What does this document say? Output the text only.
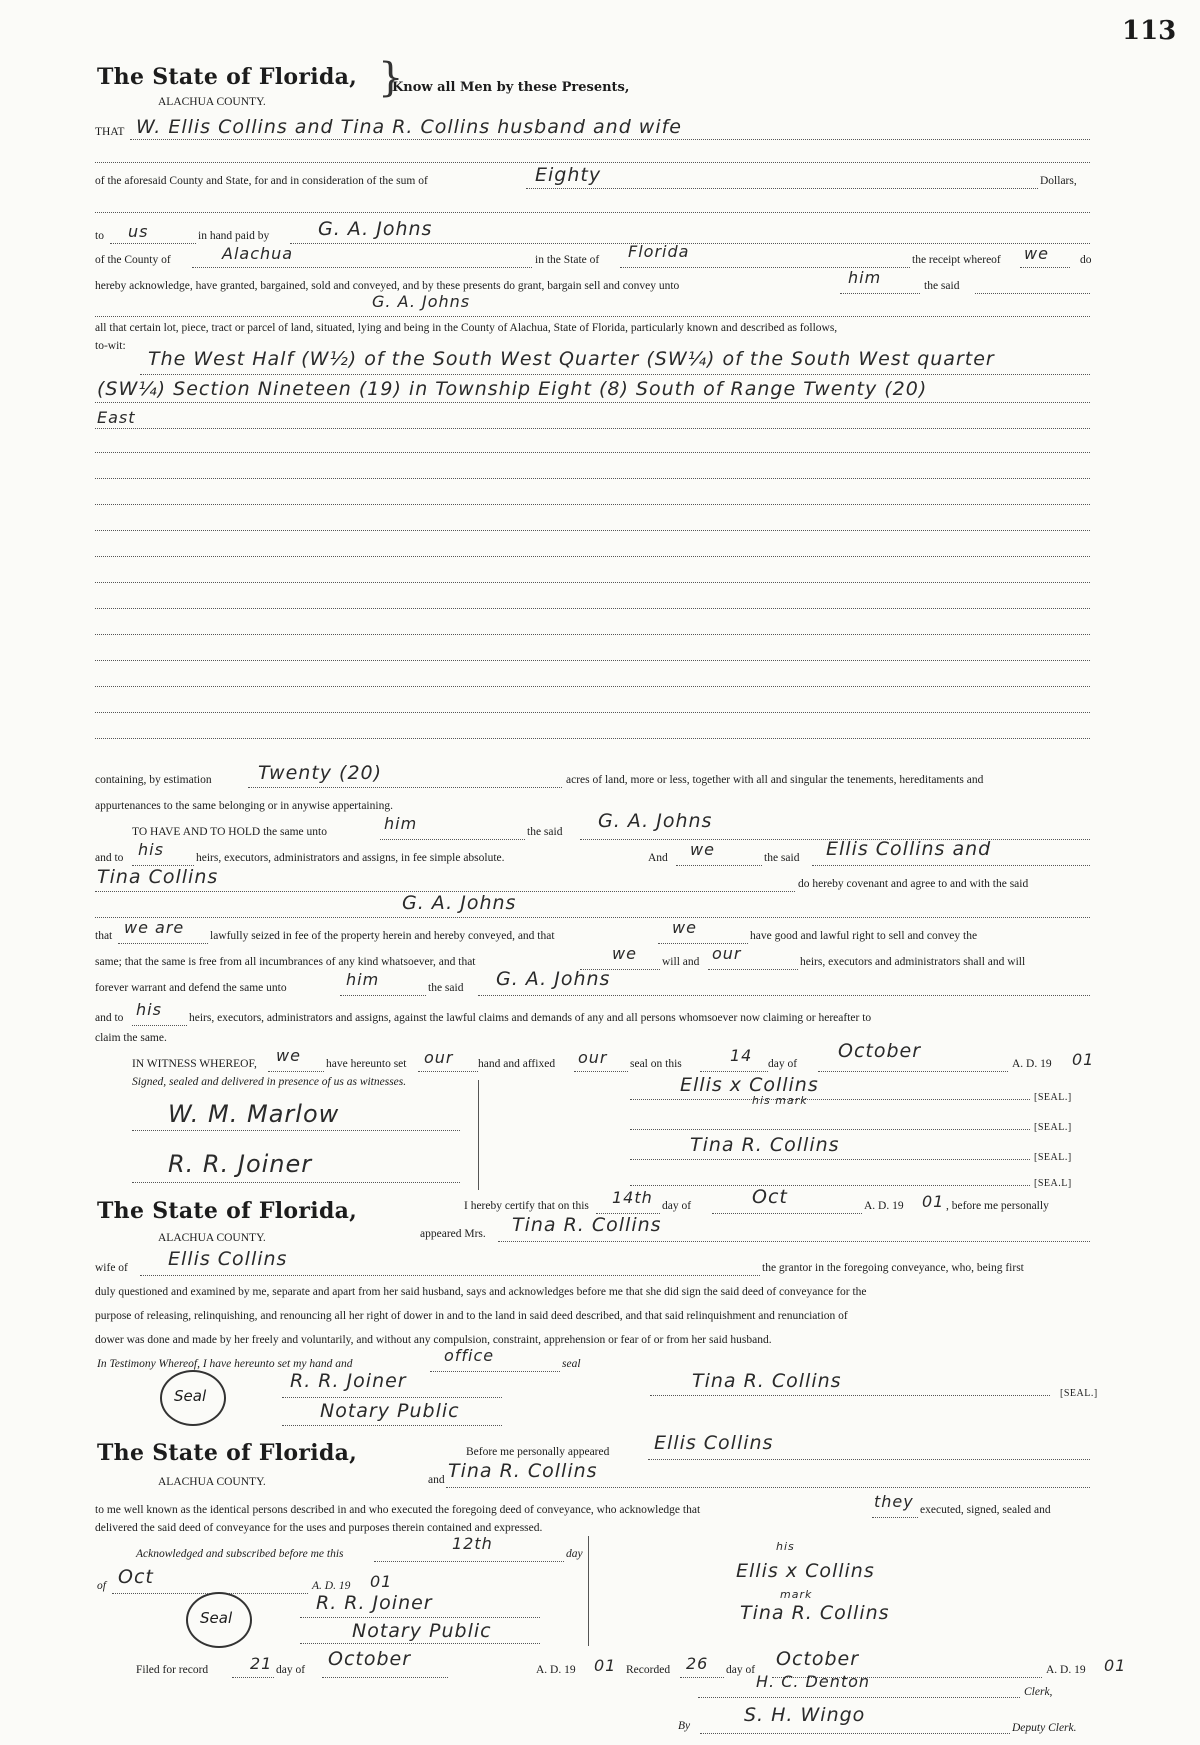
113
The State of Florida, }
Know all Men by these Presents,
ALACHUA COUNTY.
THAT W. Ellis Collins and Tina R. Collins husband and wife
of the aforesaid County and State, for and in consideration of the sum of	Eighty	Dollars,
to us	in hand paid by	G. A. Johns
of the County of	Alachua	in the State of Florida	the receipt whereof we	do
hereby acknowledge, have granted, bargained, sold and conveyed, and by these presents do grant, bargain sell and convey unto	him	the said
G. A. Johns
all that certain lot, piece, tract or parcel of land, situated, lying and being in the County of Alachua, State of Florida, particularly known and described as follows,
to-wit:
The West Half (W½) of the South West Quarter (SW¼) of the South West quarter
(SW¼) Section Nineteen (19) in Township Eight (8) South of Range Twenty (20)
East
containing, by estimation Twenty (20)	acres of land, more or less, together with all and singular the tenements, hereditaments and
appurtenances to the same belonging or in anywise appertaining.
TO HAVE AND TO HOLD the same unto	him	the said G. A. Johns
and to his	heirs, executors, administrators and assigns, in fee simple absolute.	And we	the said Ellis Collins and
Tina Collins	do hereby covenant and agree to and with the said
G. A. Johns
that we are lawfully seized in fee of the property herein and hereby conveyed, and that	we	have good and lawful right to sell and convey the
same; that the same is free from all incumbrances of any kind whatsoever, and that	we will and our	heirs, executors and administrators shall and will
forever warrant and defend the same unto	him	the said G. A. Johns
and to his heirs, executors, administrators and assigns, against the lawful claims and demands of any and all persons whomsoever now claiming or hereafter to
claim the same.
IN WITNESS WHEREOF, we have hereunto set our hand and affixed our seal on this	14 day of
October
A. D. 19 01
Signed, sealed and delivered in presence of us as witnesses.
W. M. Marlow
R. R. Joiner
Ellis x Collins
his mark	[SEAL.]
[SEAL.]
Tina R. Collins
[SEAL.]
[SEA.L]
The State of Florida,
ALACHUA COUNTY.
I hereby certify that on this 14th day of	Oct	A. D. 19 01 , before me personally
appeared Mrs. Tina R. Collins
wife of Ellis Collins	the grantor in the foregoing conveyance, who, being first
duly questioned and examined by me, separate and apart from her said husband, says and acknowledges before me that she did sign the said deed of conveyance for the
purpose of releasing, relinquishing, and renouncing all her right of dower in and to the land in said deed described, and that said relinquishment and renunciation of
dower was done and made by her freely and voluntarily, and without any compulsion, constraint, apprehension or fear of or from her said husband.
In Testimony Whereof, I have hereunto set my hand and	office	seal
Seal
R. R. Joiner
Notary Public
Tina R. Collins
[SEAL.]
The State of Florida,
ALACHUA COUNTY.
Before me personally appeared Ellis Collins
and Tina R. Collins
to me well known as the identical persons described in and who executed the foregoing deed of conveyance, who acknowledge that	they executed, signed, sealed and
delivered the said deed of conveyance for the uses and purposes therein contained and expressed.
Acknowledged and subscribed before me this
12th
day
of Oct	A. D. 19 01
Seal
R. R. Joiner
Notary Public
his
Ellis x Collins
mark
Tina R. Collins
Filed for record	21 day of October	A. D. 19 01 Recorded 26 day of October	A. D. 19 01
H. C. Denton
Clerk,
By	S. H. Wingo
Deputy Clerk.
